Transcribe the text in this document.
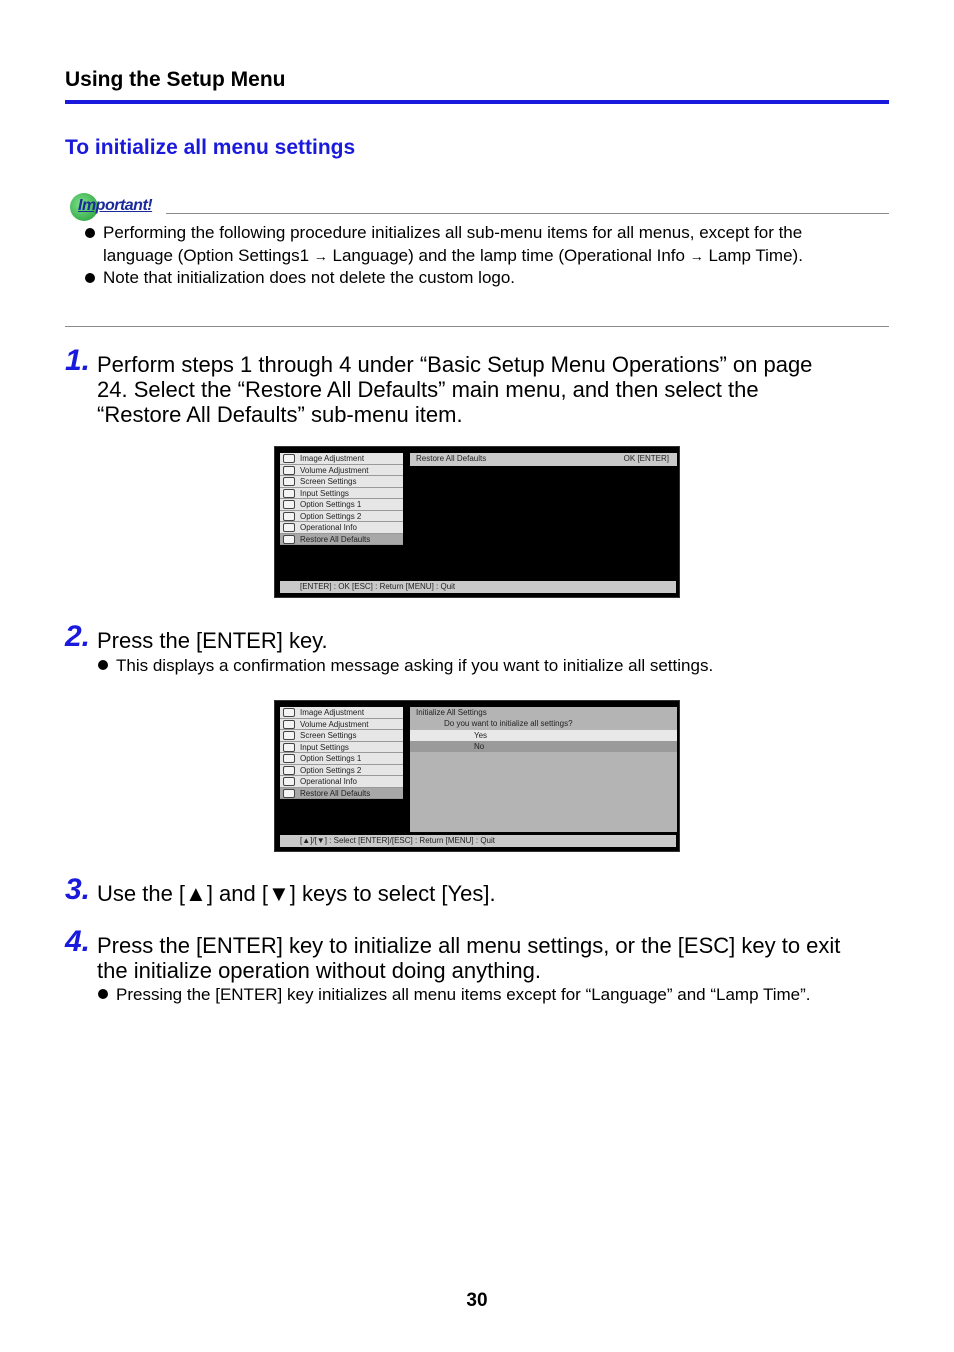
Using the Setup Menu
To initialize all menu settings
Important!
Performing the following procedure initializes all sub-menu items for all menus, except for the language (Option Settings1 → Language) and the lamp time (Operational Info → Lamp Time).
Note that initialization does not delete the custom logo.
1. Perform steps 1 through 4 under “Basic Setup Menu Operations” on page 24. Select the “Restore All Defaults” main menu, and then select the “Restore All Defaults” sub-menu item.
Image Adjustment
Volume Adjustment
Screen Settings
Input Settings
Option Settings 1
Option Settings 2
Operational Info
Restore All Defaults
Restore All Defaults	OK [ENTER]
[ENTER] : OK [ESC] : Return [MENU] : Quit
2. Press the [ENTER] key.
This displays a confirmation message asking if you want to initialize all settings.
Image Adjustment
Volume Adjustment
Screen Settings
Input Settings
Option Settings 1
Option Settings 2
Operational Info
Restore All Defaults
Initialize All Settings
Do you want to initialize all settings?
Yes
No
[▲]/[▼] : Select [ENTER]/[ESC] : Return [MENU] : Quit
3. Use the [▲] and [▼] keys to select [Yes].
4. Press the [ENTER] key to initialize all menu settings, or the [ESC] key to exit the initialize operation without doing anything.
Pressing the [ENTER] key initializes all menu items except for “Language” and “Lamp Time”.
30
